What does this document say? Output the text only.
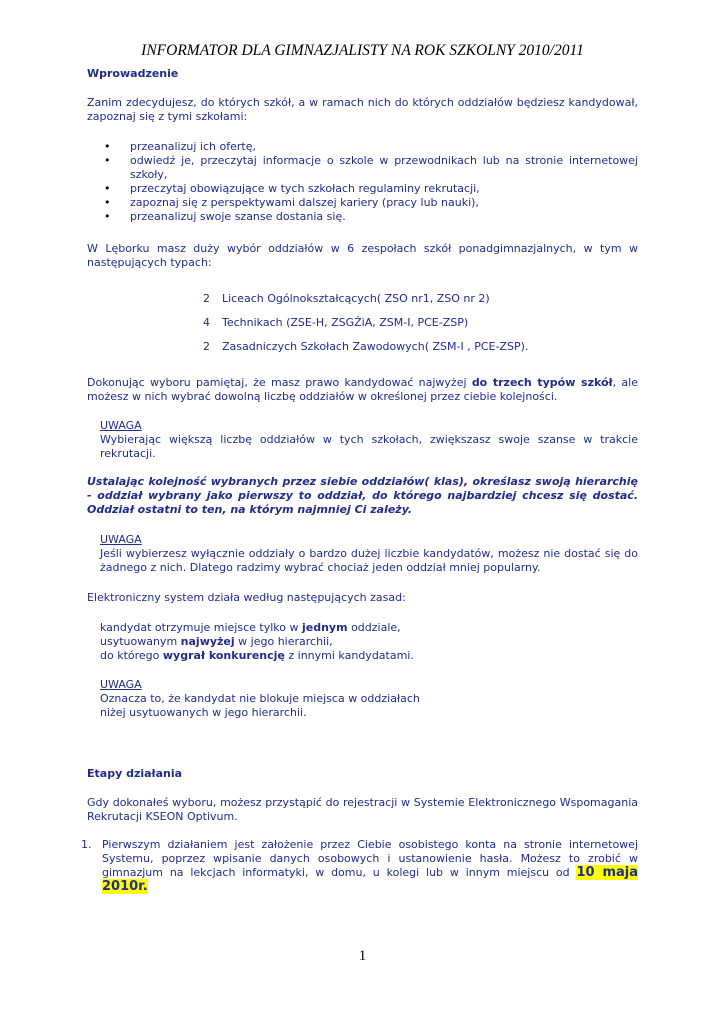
INFORMATOR DLA GIMNAZJALISTY NA ROK SZKOLNY 2010/2011
Wprowadzenie
Zanim zdecydujesz, do których szkół, a w ramach nich do których oddziałów będziesz kandydował, zapoznaj się z tymi szkołami:
• przeanalizuj ich ofertę,
• odwiedź je, przeczytaj informacje o szkole w przewodnikach lub na stronie internetowej szkoły,
• przeczytaj obowiązujące w tych szkołach regulaminy rekrutacji,
• zapoznaj się z perspektywami dalszej kariery (pracy lub nauki),
• przeanalizuj swoje szanse dostania się.
W Lęborku masz duży wybór oddziałów w 6 zespołach szkół ponadgimnazjalnych, w tym w następujących typach:
2 Liceach Ogólnokształcących( ZSO nr1, ZSO nr 2)
4 Technikach (ZSE-H, ZSGŻiA, ZSM-I, PCE-ZSP)
2 Zasadniczych Szkołach Zawodowych( ZSM-I , PCE-ZSP).
Dokonując wyboru pamiętaj, że masz prawo kandydować najwyżej do trzech typów szkół, ale możesz w nich wybrać dowolną liczbę oddziałów w określonej przez ciebie kolejności.
UWAGA
Wybierając większą liczbę oddziałów w tych szkołach, zwiększasz swoje szanse w trakcie rekrutacji.
Ustalając kolejność wybranych przez siebie oddziałów( klas), określasz swoją hierarchię - oddział wybrany jako pierwszy to oddział, do którego najbardziej chcesz się dostać. Oddział ostatni to ten, na którym najmniej Ci zależy.
UWAGA
Jeśli wybierzesz wyłącznie oddziały o bardzo dużej liczbie kandydatów, możesz nie dostać się do żadnego z nich. Dlatego radzimy wybrać chociaż jeden oddział mniej popularny.
Elektroniczny system działa według następujących zasad:
kandydat otrzymuje miejsce tylko w jednym oddziale,
usytuowanym najwyżej w jego hierarchii,
do którego wygrał konkurencję z innymi kandydatami.
UWAGA
Oznacza to, że kandydat nie blokuje miejsca w oddziałach
niżej usytuowanych w jego hierarchii.
Etapy działania
Gdy dokonałeś wyboru, możesz przystąpić do rejestracji w Systemie Elektronicznego Wspomagania Rekrutacji KSEON Optivum.
1. Pierwszym działaniem jest założenie przez Ciebie osobistego konta na stronie internetowej Systemu, poprzez wpisanie danych osobowych i ustanowienie hasła. Możesz to zrobić w gimnazjum na lekcjach informatyki, w domu, u kolegi lub w innym miejscu od 10 maja 2010r.
1
